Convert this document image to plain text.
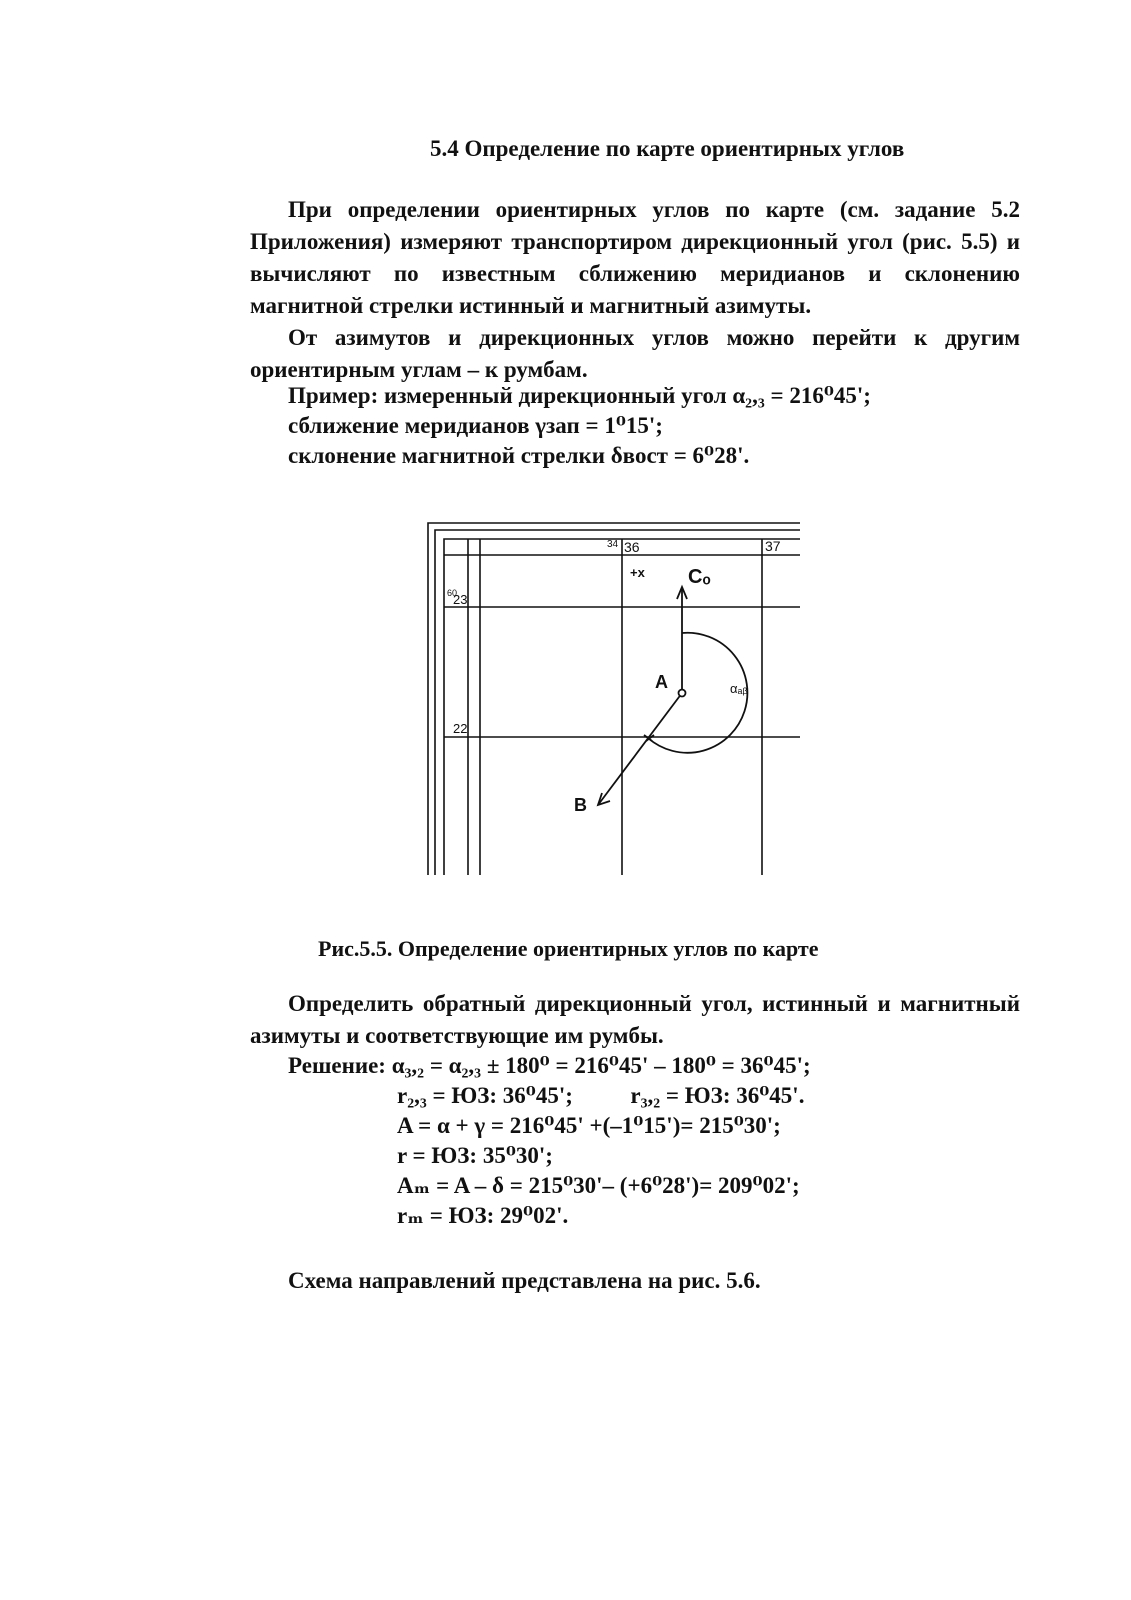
5.4 Определение по карте ориентирных углов

При определении ориентирных углов по карте (см. задание 5.2 Приложения) измеряют транспортиром дирекционный угол (рис. 5.5) и вычисляют по известным сближению меридианов и склонению магнитной стрелки истинный и магнитный азимуты.

От азимутов и дирекционных углов можно перейти к другим ориентирным углам – к румбам.

Пример: измеренный дирекционный угол α₂,₃ = 216⁰45';
сближение меридианов γзап = 1⁰15';
склонение магнитной стрелки δвост = 6⁰28'.
34 36	37
60
23
22
+x Cₒ
A
B
αₐᵦ
Рис.5.5. Определение ориентирных углов по карте

Определить обратный дирекционный угол, истинный и магнитный азимуты и соответствующие им румбы.

Решение: α₃,₂ = α₂,₃ ± 180⁰ = 216⁰45' – 180⁰ = 36⁰45';
r₂,₃ = ЮЗ: 36⁰45';          r₃,₂ = ЮЗ: 36⁰45'.
A = α + γ = 216⁰45' +(–1⁰15')= 215⁰30';
r = ЮЗ: 35⁰30';
Aₘ = A – δ = 215⁰30'– (+6⁰28')= 209⁰02';
rₘ = ЮЗ: 29⁰02'.
Схема направлений представлена на рис. 5.6.
